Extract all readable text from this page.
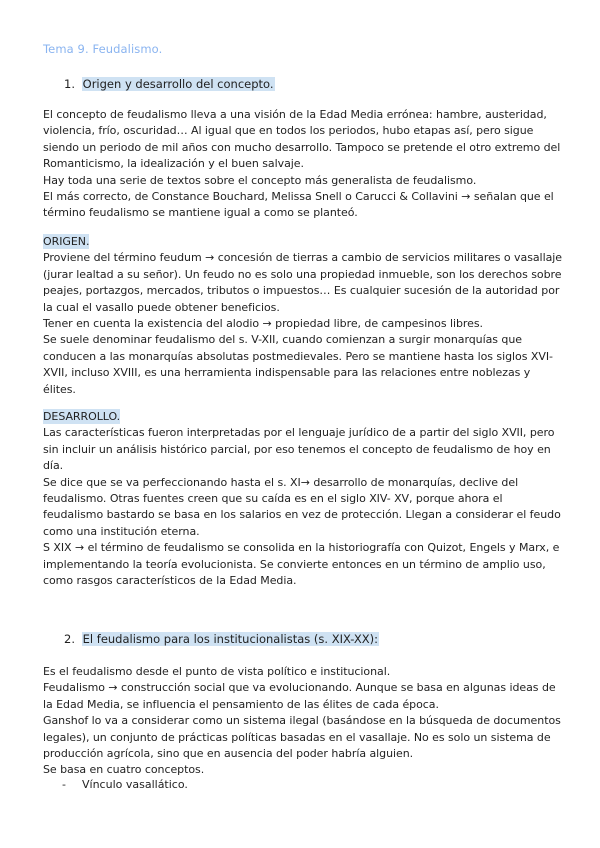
Tema 9. Feudalismo.
1. Origen y desarrollo del concepto.

El concepto de feudalismo lleva a una visión de la Edad Media errónea: hambre, austeridad, violencia, frío, oscuridad… Al igual que en todos los periodos, hubo etapas así, pero sigue siendo un periodo de mil años con mucho desarrollo. Tampoco se pretende el otro extremo del Romanticismo, la idealización y el buen salvaje.

Hay toda una serie de textos sobre el concepto más generalista de feudalismo.

El más correcto, de Constance Bouchard, Melissa Snell o Carucci & Collavini → señalan que el término feudalismo se mantiene igual a como se planteó.

ORIGEN.

Proviene del término feudum → concesión de tierras a cambio de servicios militares o vasallaje (jurar lealtad a su señor). Un feudo no es solo una propiedad inmueble, son los derechos sobre peajes, portazgos, mercados, tributos o impuestos… Es cualquier sucesión de la autoridad por la cual el vasallo puede obtener beneficios.

Tener en cuenta la existencia del alodio → propiedad libre, de campesinos libres.

Se suele denominar feudalismo del s. V-XII, cuando comienzan a surgir monarquías que conducen a las monarquías absolutas postmedievales. Pero se mantiene hasta los siglos XVI-XVII, incluso XVIII, es una herramienta indispensable para las relaciones entre noblezas y élites.

DESARROLLO.

Las características fueron interpretadas por el lenguaje jurídico de a partir del siglo XVII, pero sin incluir un análisis histórico parcial, por eso tenemos el concepto de feudalismo de hoy en día.

Se dice que se va perfeccionando hasta el s. XI→ desarrollo de monarquías, declive del feudalismo. Otras fuentes creen que su caída es en el siglo XIV- XV, porque ahora el feudalismo bastardo se basa en los salarios en vez de protección. Llegan a considerar el feudo como una institución eterna.

S XIX → el término de feudalismo se consolida en la historiografía con Quizot, Engels y Marx, e implementando la teoría evolucionista. Se convierte entonces en un término de amplio uso, como rasgos característicos de la Edad Media.

2. El feudalismo para los institucionalistas (s. XIX-XX):

Es el feudalismo desde el punto de vista político e institucional.

Feudalismo → construcción social que va evolucionando. Aunque se basa en algunas ideas de la Edad Media, se influencia el pensamiento de las élites de cada época.

Ganshof lo va a considerar como un sistema ilegal (basándose en la búsqueda de documentos legales), un conjunto de prácticas políticas basadas en el vasallaje. No es solo un sistema de producción agrícola, sino que en ausencia del poder habría alguien.

Se basa en cuatro conceptos.

- Vínculo vasallático.
